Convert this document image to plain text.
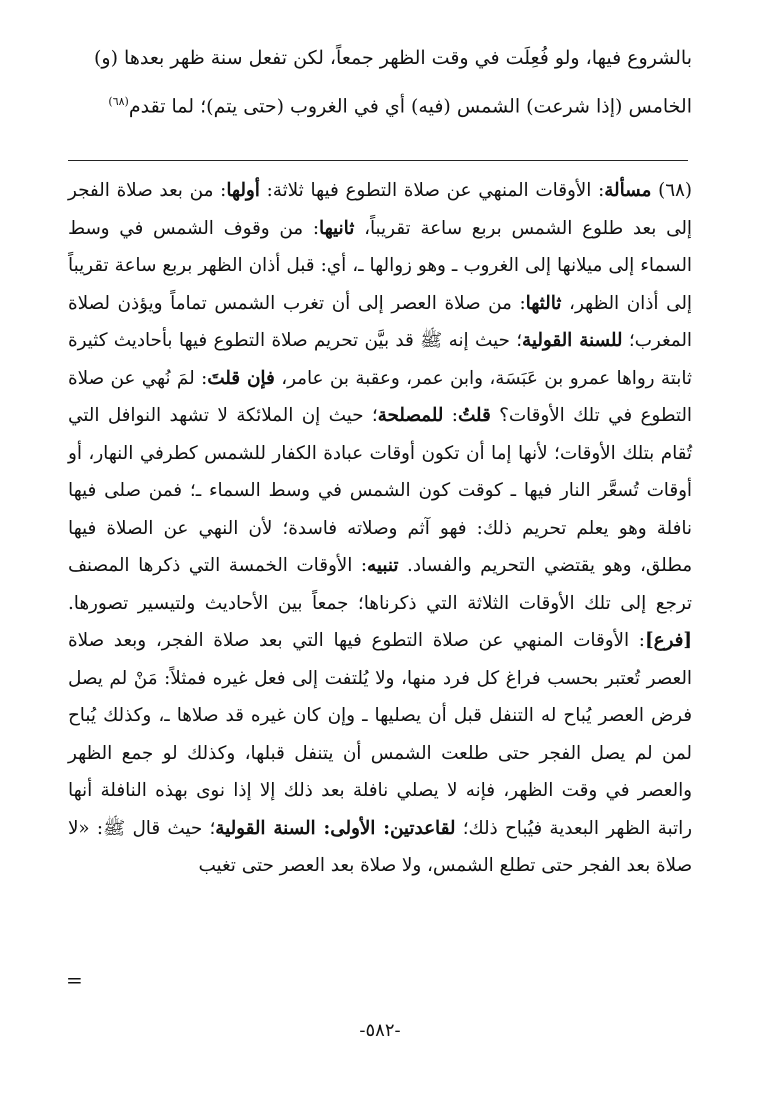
بالشروع فيها، ولو فُعِلَت في وقت الظهر جمعاً، لكن تفعل سنة ظهر بعدها (و)

الخامس (إذا شرعت) الشمس (فيه) أي في الغروب (حتى يتم)؛ لما تقدم$^{(٦٨)}$

(٦٨) مسألة: الأوقات المنهي عن صلاة التطوع فيها ثلاثة: أولها: من بعد صلاة الفجر إلى بعد طلوع الشمس بربع ساعة تقريباً، ثانيها: من وقوف الشمس في وسط السماء إلى ميلانها إلى الغروب ـ وهو زوالها ـ، أي: قبل أذان الظهر بربع ساعة تقريباً إلى أذان الظهر، ثالثها: من صلاة العصر إلى أن تغرب الشمس تماماً ويؤذن لصلاة المغرب؛ للسنة القولية؛ حيث إنه ﷺ قد بيَّن تحريم صلاة التطوع فيها بأحاديث كثيرة ثابتة رواها عمرو بن عَبَسَة، وابن عمر، وعقبة بن عامر، فإن قلتَ: لمَ نُهي عن صلاة التطوع في تلك الأوقات؟ قلتُ: للمصلحة؛ حيث إن الملائكة لا تشهد النوافل التي تُقام بتلك الأوقات؛ لأنها إما أن تكون أوقات عبادة الكفار للشمس كطرفي النهار، أو أوقات تُسعَّر النار فيها ـ كوقت كون الشمس في وسط السماء ـ؛ فمن صلى فيها نافلة وهو يعلم تحريم ذلك: فهو آثم وصلاته فاسدة؛ لأن النهي عن الصلاة فيها مطلق، وهو يقتضي التحريم والفساد. تنبيه: الأوقات الخمسة التي ذكرها المصنف ترجع إلى تلك الأوقات الثلاثة التي ذكرناها؛ جمعاً بين الأحاديث ولتيسير تصورها. [فرع]: الأوقات المنهي عن صلاة التطوع فيها التي بعد صلاة الفجر، وبعد صلاة العصر تُعتبر بحسب فراغ كل فرد منها، ولا يُلتفت إلى فعل غيره فمثلاً: مَنْ لم يصل فرض العصر يُباح له التنفل قبل أن يصليها ـ وإن كان غيره قد صلاها ـ، وكذلك يُباح لمن لم يصل الفجر حتى طلعت الشمس أن يتنفل قبلها، وكذلك لو جمع الظهر والعصر في وقت الظهر، فإنه لا يصلي نافلة بعد ذلك إلا إذا نوى بهذه النافلة أنها راتبة الظهر البعدية فيُباح ذلك؛ لقاعدتين: الأولى: السنة القولية؛ حيث قال ﷺ: «لا صلاة بعد الفجر حتى تطلع الشمس، ولا صلاة بعد العصر حتى تغيب

=
-٥٨٢-
